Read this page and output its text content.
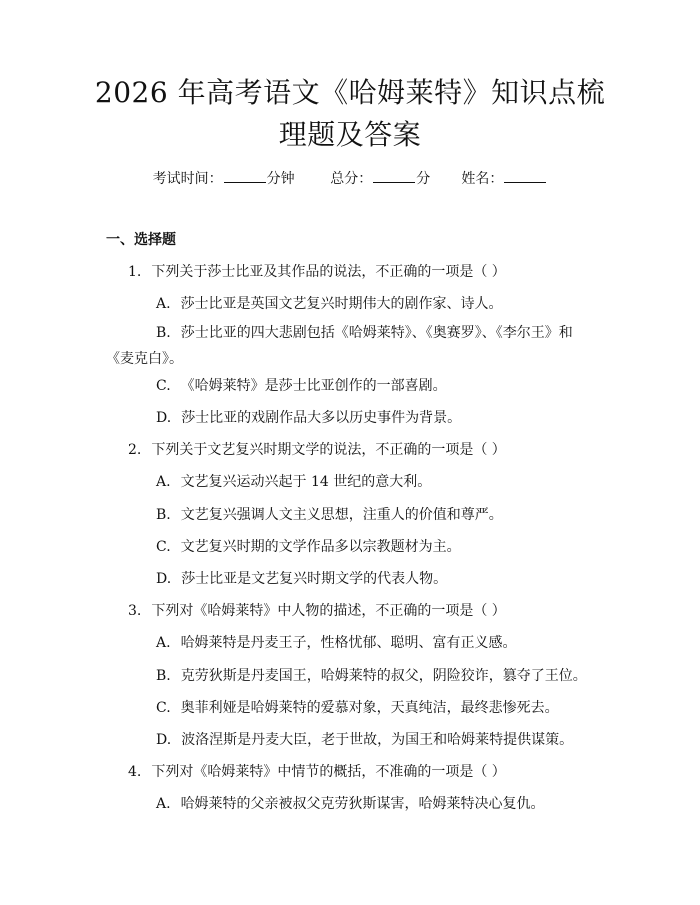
2026 年高考语文《哈姆莱特》知识点梳理题及答案
考试时间：	分钟	总分：	分 姓名：
一、选择题
1. 下列关于莎士比亚及其作品的说法，不正确的一项是（ ）
A. 莎士比亚是英国文艺复兴时期伟大的剧作家、诗人。
B. 莎士比亚的四大悲剧包括《哈姆莱特》、《奥赛罗》、《李尔王》和《麦克白》。
C. 《哈姆莱特》是莎士比亚创作的一部喜剧。
D. 莎士比亚的戏剧作品大多以历史事件为背景。
2. 下列关于文艺复兴时期文学的说法，不正确的一项是（ ）
A. 文艺复兴运动兴起于 14 世纪的意大利。
B. 文艺复兴强调人文主义思想，注重人的价值和尊严。
C. 文艺复兴时期的文学作品多以宗教题材为主。
D. 莎士比亚是文艺复兴时期文学的代表人物。
3. 下列对《哈姆莱特》中人物的描述，不正确的一项是（ ）
A. 哈姆莱特是丹麦王子，性格忧郁、聪明、富有正义感。
B. 克劳狄斯是丹麦国王，哈姆莱特的叔父，阴险狡诈，篡夺了王位。
C. 奥菲利娅是哈姆莱特的爱慕对象，天真纯洁，最终悲惨死去。
D. 波洛涅斯是丹麦大臣，老于世故，为国王和哈姆莱特提供谋策。
4. 下列对《哈姆莱特》中情节的概括，不准确的一项是（ ）
A. 哈姆莱特的父亲被叔父克劳狄斯谋害，哈姆莱特决心复仇。
